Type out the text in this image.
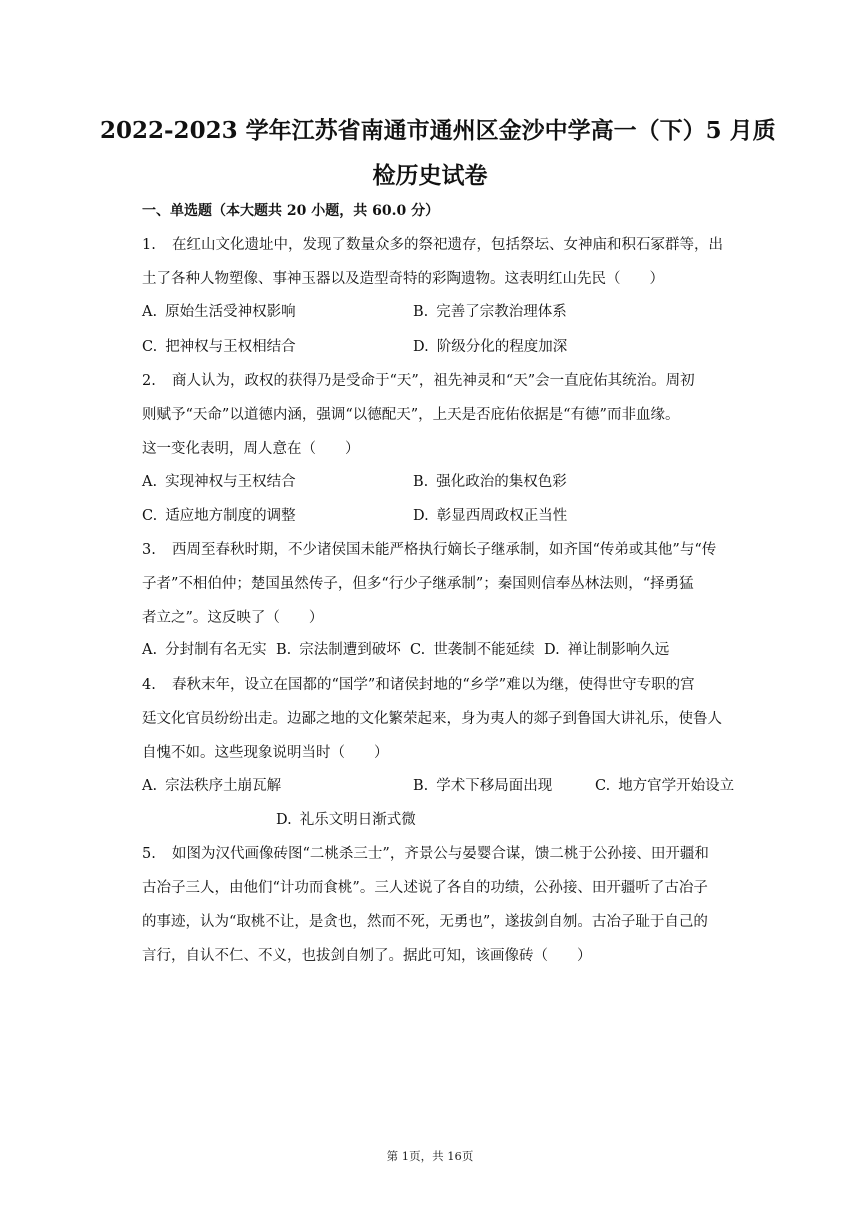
2022-2023 学年江苏省南通市通州区金沙中学高一（下）5 月质
检历史试卷
一、单选题（本大题共 20 小题，共 60.0 分）
1. 在红山文化遗址中，发现了数量众多的祭祀遗存，包括祭坛、女神庙和积石冢群等，出
土了各种人物塑像、事神玉器以及造型奇特的彩陶遗物。这表明红山先民（　　）
A. 原始生活受神权影响	B. 完善了宗教治理体系
C. 把神权与王权相结合	D. 阶级分化的程度加深
2. 商人认为，政权的获得乃是受命于“天”，祖先神灵和“天”会一直庇佑其统治。周初
则赋予“天命”以道德内涵，强调“以德配天”，上天是否庇佑依据是“有德”而非血缘。
这一变化表明，周人意在（　　）
A. 实现神权与王权结合	B. 强化政治的集权色彩
C. 适应地方制度的调整	D. 彰显西周政权正当性
3. 西周至春秋时期，不少诸侯国未能严格执行嫡长子继承制，如齐国“传弟或其他”与“传
子者”不相伯仲；楚国虽然传子，但多“行少子继承制”；秦国则信奉丛林法则，“择勇猛
者立之”。这反映了（　　）
A. 分封制有名无实 B. 宗法制遭到破坏 C. 世袭制不能延续 D. 禅让制影响久远
4. 春秋末年，设立在国都的“国学”和诸侯封地的“乡学”难以为继，使得世守专职的宫
廷文化官员纷纷出走。边鄙之地的文化繁荣起来，身为夷人的郯子到鲁国大讲礼乐，使鲁人
自愧不如。这些现象说明当时（　　）
A. 宗法秩序土崩瓦解	B. 学术下移局面出现	C. 地方官学开始设立
D. 礼乐文明日渐式微
5. 如图为汉代画像砖图“二桃杀三士”，齐景公与晏婴合谋，馈二桃于公孙接、田开疆和
古冶子三人，由他们“计功而食桃”。三人述说了各自的功绩，公孙接、田开疆听了古冶子
的事迹，认为“取桃不让，是贪也，然而不死，无勇也”，遂拔剑自刎。古冶子耻于自己的
言行，自认不仁、不义，也拔剑自刎了。据此可知，该画像砖（　　）
第 1页，共 16页
